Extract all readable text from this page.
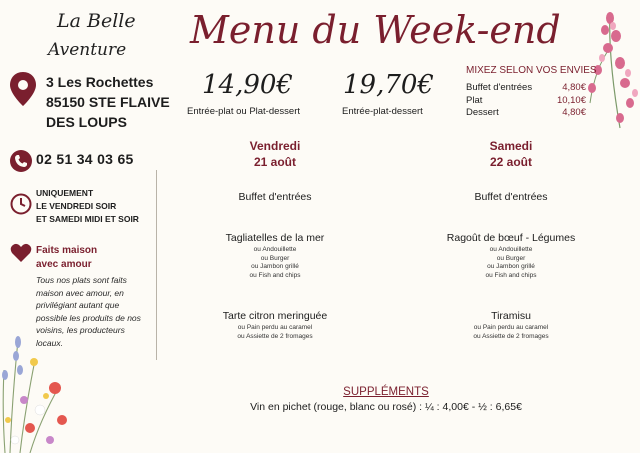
La Belle
Aventure
3 Les Rochettes
85150 STE FLAIVE
DES LOUPS
02 51 34 03 65
UNIQUEMENT
LE VENDREDI SOIR
ET SAMEDI MIDI ET SOIR
Faits maison
avec amour
Tous nos plats sont faits maison avec amour, en privilégiant autant que possible les produits de nos voisins, les producteurs locaux.
Menu du Week-end
14,90€
Entrée-plat ou Plat-dessert
19,70€
Entrée-plat-dessert
MIXEZ SELON VOS ENVIES
Buffet d'entrées	4,80€
Plat	10,10€
Dessert	4,80€
Vendredi
21 août
Buffet d'entrées
Tagliatelles de la mer
ou Andouillette
ou Burger
ou Jambon grillé
ou Fish and chips
Tarte citron meringuée
ou Pain perdu au caramel
ou Assiette de 2 fromages
Samedi
22 août
Buffet d'entrées
Ragoût de bœuf - Légumes
ou Andouillette
ou Burger
ou Jambon grillé
ou Fish and chips
Tiramisu
ou Pain perdu au caramel
ou Assiette de 2 fromages
SUPPLÉMENTS
Vin en pichet (rouge, blanc ou rosé) : ¼ : 4,00€ - ½ : 6,65€
